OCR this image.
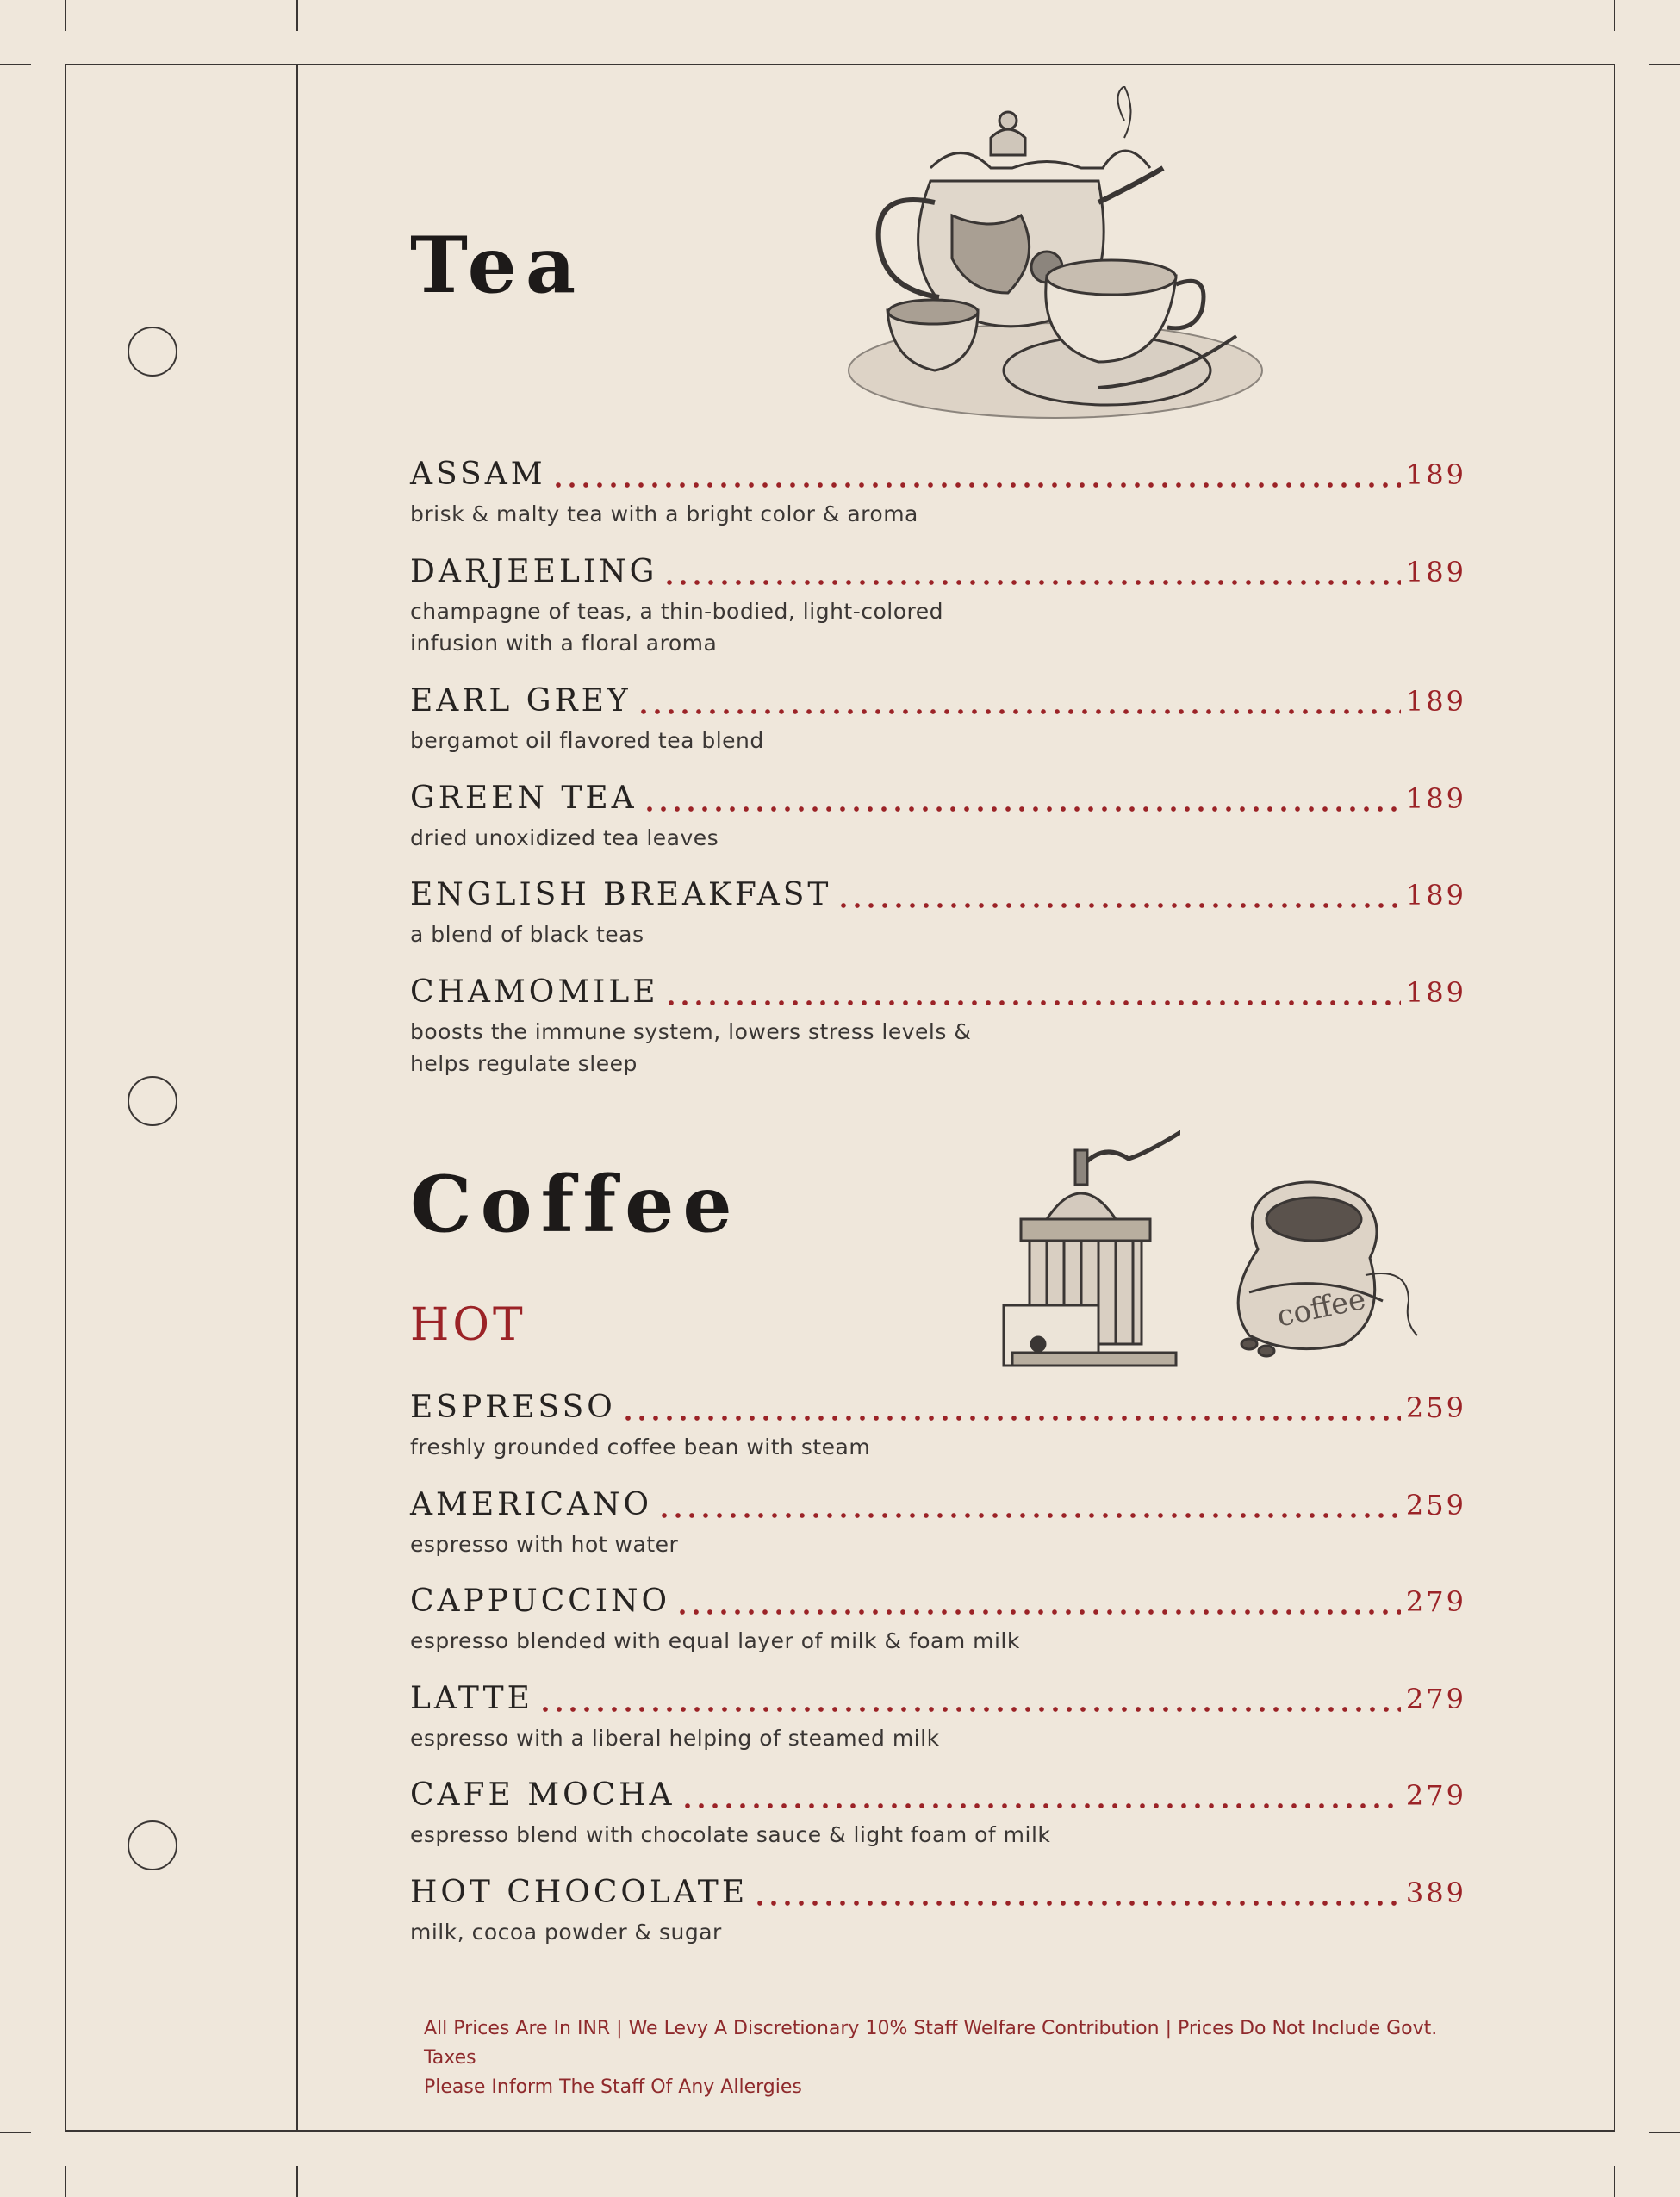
coffee
Tea
ASSAM	189
brisk & malty tea with a bright color & aroma
DARJEELING	189
champagne of teas, a thin-bodied, light-colored infusion with a floral aroma
EARL GREY	189
bergamot oil flavored tea blend
GREEN TEA	189
dried unoxidized tea leaves
ENGLISH BREAKFAST	189
a blend of black teas
CHAMOMILE	189
boosts the immune system, lowers stress levels & helps regulate sleep
Coffee
HOT
ESPRESSO	259
freshly grounded coffee bean with steam
AMERICANO	259
espresso with hot water
CAPPUCCINO	279
espresso blended with equal layer of milk & foam milk
LATTE	279
espresso with a liberal helping of steamed milk
CAFE MOCHA	279
espresso blend with chocolate sauce & light foam of milk
HOT CHOCOLATE	389
milk, cocoa powder & sugar
All Prices Are In INR | We Levy A Discretionary 10% Staff Welfare Contribution | Prices Do Not Include Govt. Taxes
Please Inform The Staff Of Any Allergies
